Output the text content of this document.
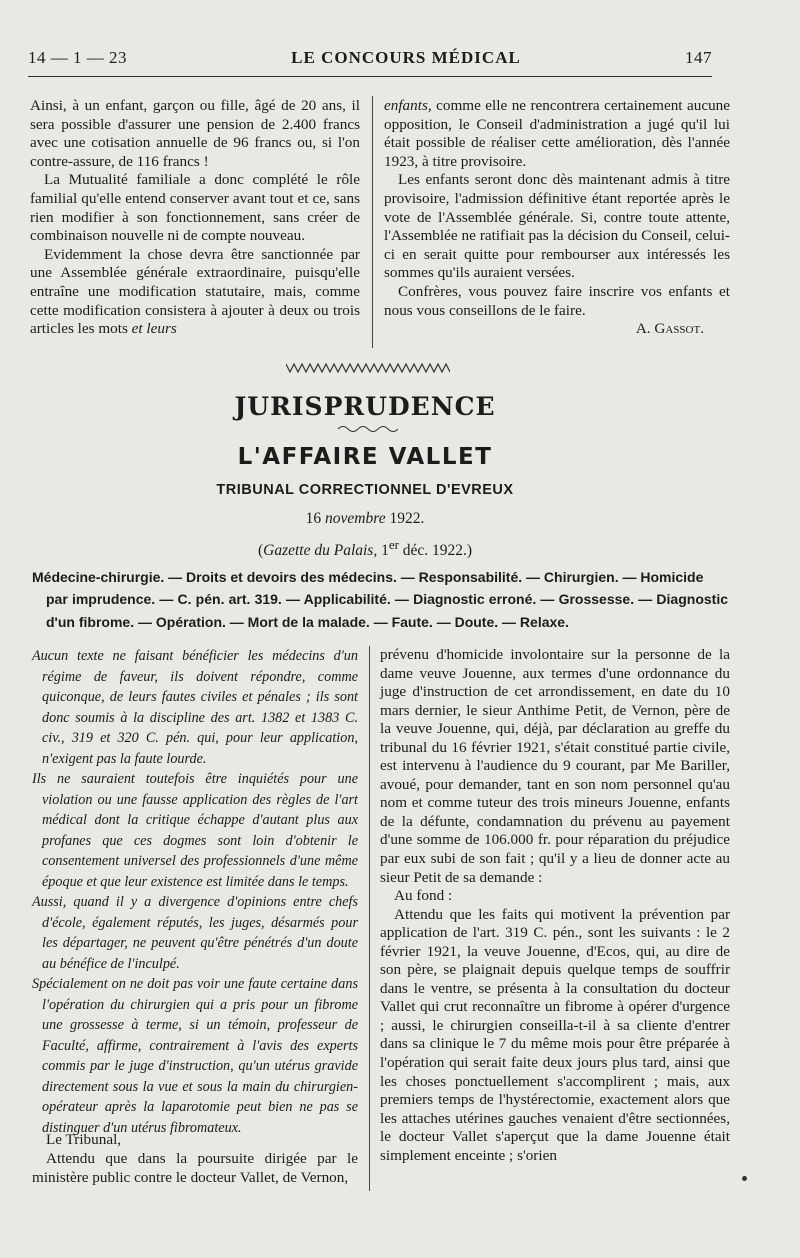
14 — 1 — 23	LE CONCOURS MÉDICAL	147

Ainsi, à un enfant, garçon ou fille, âgé de 20 ans, il sera possible d'assurer une pension de 2.400 francs avec une cotisation annuelle de 96 francs ou, si l'on contre-assure, de 116 francs !

La Mutualité familiale a donc complété le rôle familial qu'elle entend conserver avant tout et ce, sans rien modifier à son fonctionnement, sans créer de combinaison nouvelle ni de compte nouveau.

Evidemment la chose devra être sanctionnée par une Assemblée générale extraordinaire, puisqu'elle entraîne une modification statutaire, mais, comme cette modification consistera à ajouter à deux ou trois articles les mots et leurs

enfants, comme elle ne rencontrera certainement aucune opposition, le Conseil d'administration a jugé qu'il lui était possible de réaliser cette amélioration, dès l'année 1923, à titre provisoire.

Les enfants seront donc dès maintenant admis à titre provisoire, l'admission définitive étant reportée après le vote de l'Assemblée générale. Si, contre toute attente, l'Assemblée ne ratifiait pas la décision du Conseil, celui-ci en serait quitte pour rembourser aux intéressés les sommes qu'ils auraient versées.

Confrères, vous pouvez faire inscrire vos enfants et nous vous conseillons de le faire.

A. Gassot.

JURISPRUDENCE
L'AFFAIRE VALLET
TRIBUNAL CORRECTIONNEL D'EVREUX
16 novembre 1922.
(Gazette du Palais, 1er déc. 1922.)
Médecine-chirurgie. — Droits et devoirs des médecins. — Responsabilité. — Chirurgien. — Homicide
par imprudence. — C. pén. art. 319. — Applicabilité. — Diagnostic erroné. — Grossesse. — Diagnostic d'un fibrome. — Opération. — Mort de la malade. — Faute. — Doute. — Relaxe.

Aucun texte ne faisant bénéficier les médecins d'un régime de faveur, ils doivent répondre, comme quiconque, de leurs fautes civiles et pénales ; ils sont donc soumis à la discipline des art. 1382 et 1383 C. civ., 319 et 320 C. pén. qui, pour leur application, n'exigent pas la faute lourde.

Ils ne sauraient toutefois être inquiétés pour une violation ou une fausse application des règles de l'art médical dont la critique échappe d'autant plus aux profanes que ces dogmes sont loin d'obtenir le consentement universel des professionnels d'une même époque et que leur existence est limitée dans le temps.

Aussi, quand il y a divergence d'opinions entre chefs d'école, également réputés, les juges, désarmés pour les départager, ne peuvent qu'être pénétrés d'un doute au bénéfice de l'inculpé.

Spécialement on ne doit pas voir une faute certaine dans l'opération du chirurgien qui a pris pour un fibrome une grossesse à terme, si un témoin, professeur de Faculté, affirme, contrairement à l'avis des experts commis par le juge d'instruction, qu'un utérus gravide directement sous la vue et sous la main du chirurgien-opérateur après la laparotomie peut bien ne pas se distinguer d'un utérus fibromateux.

Le Tribunal,

Attendu que dans la poursuite dirigée par le ministère public contre le docteur Vallet, de Vernon,

prévenu d'homicide involontaire sur la personne de la dame veuve Jouenne, aux termes d'une ordonnance du juge d'instruction de cet arrondissement, en date du 10 mars dernier, le sieur Anthime Petit, de Vernon, père de la veuve Jouenne, qui, déjà, par déclaration au greffe du tribunal du 16 février 1921, s'était constitué partie civile, est intervenu à l'audience du 9 courant, par Me Bariller, avoué, pour demander, tant en son nom personnel qu'au nom et comme tuteur des trois mineurs Jouenne, enfants de la défunte, condamnation du prévenu au payement d'une somme de 106.000 fr. pour réparation du préjudice par eux subi de son fait ; qu'il y a lieu de donner acte au sieur Petit de sa demande :

Au fond :

Attendu que les faits qui motivent la prévention par application de l'art. 319 C. pén., sont les suivants : le 2 février 1921, la veuve Jouenne, d'Ecos, qui, au dire de son père, se plaignait depuis quelque temps de souffrir dans le ventre, se présenta à la consultation du docteur Vallet qui crut reconnaître un fibrome à opérer d'urgence ; aussi, le chirurgien conseilla-t-il à sa cliente d'entrer dans sa clinique le 7 du même mois pour être préparée à l'opération qui serait faite deux jours plus tard, ainsi que les choses ponctuellement s'accomplirent ; mais, aux premiers temps de l'hystérectomie, exactement alors que les attaches utérines gauches venaient d'être sectionnées, le docteur Vallet s'aperçut que la dame Jouenne était simplement enceinte ; s'orien
